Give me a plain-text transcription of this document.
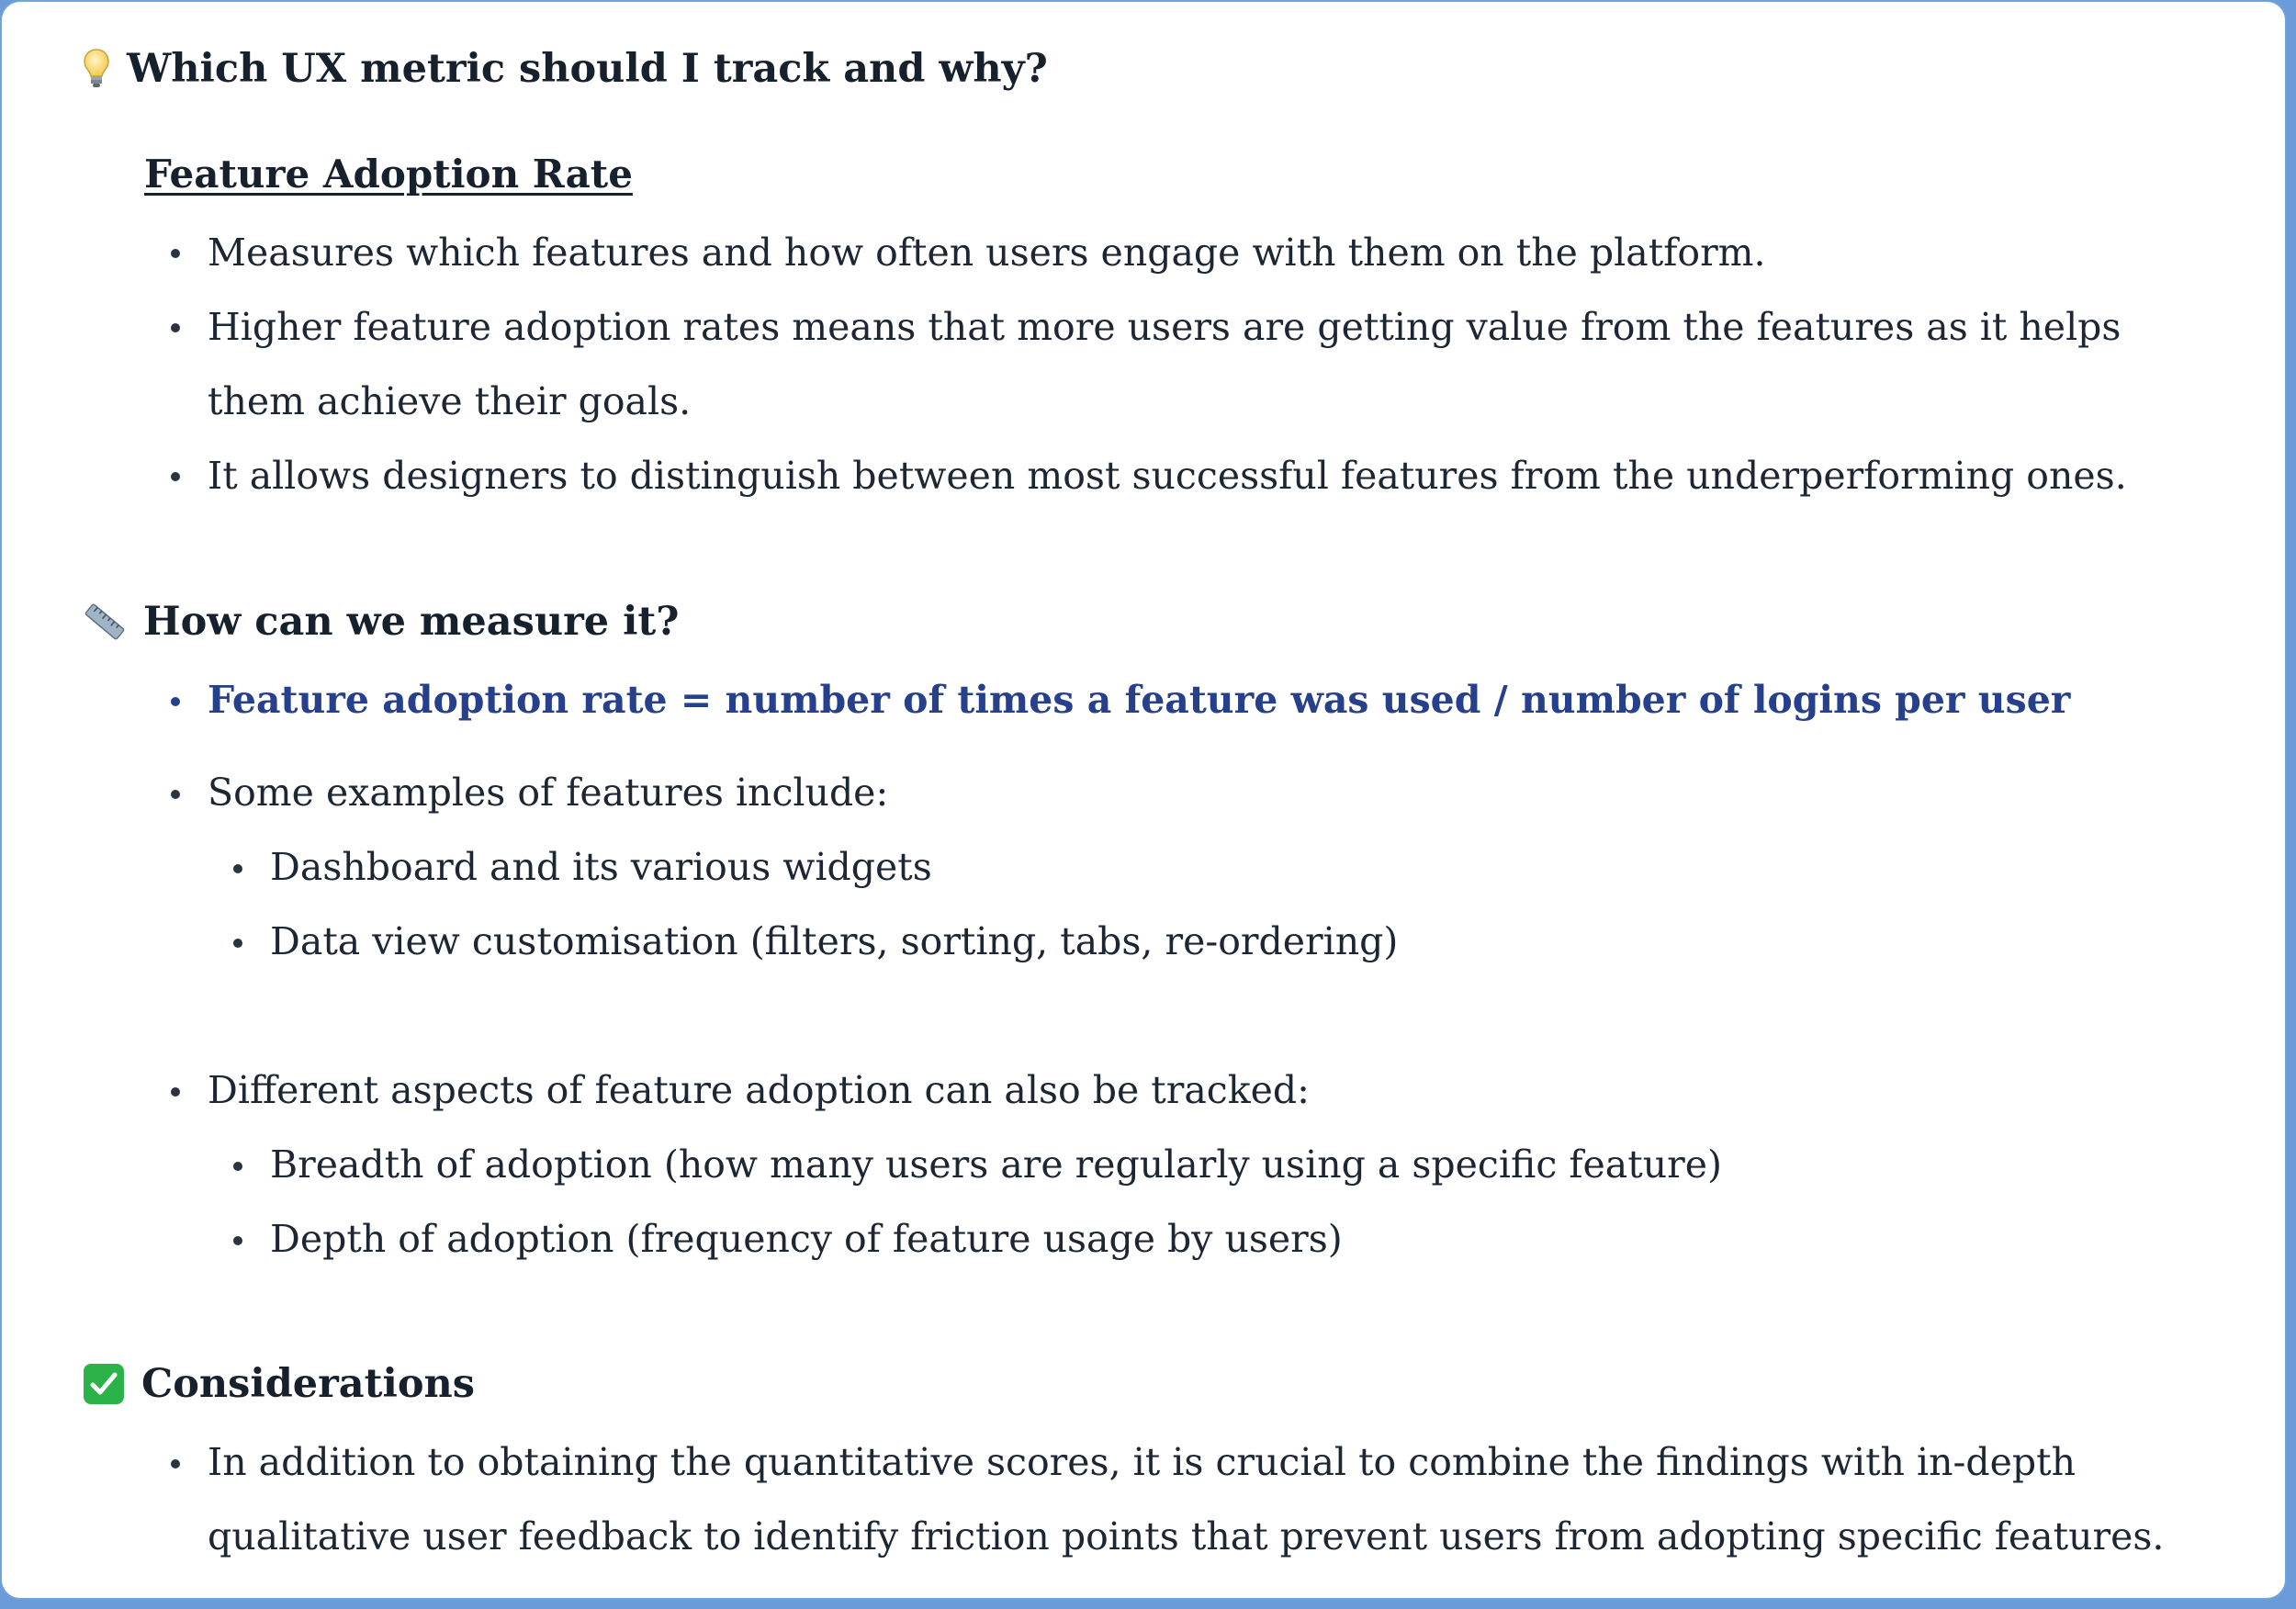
Which UX metric should I track and why?
Feature Adoption Rate
Measures which features and how often users engage with them on the platform.
Higher feature adoption rates means that more users are getting value from the features as it helps
them achieve their goals.
It allows designers to distinguish between most successful features from the underperforming ones.
How can we measure it?
Feature adoption rate = number of times a feature was used / number of logins per user
Some examples of features include:
Dashboard and its various widgets
Data view customisation (filters, sorting, tabs, re-ordering)
Different aspects of feature adoption can also be tracked:
Breadth of adoption (how many users are regularly using a specific feature)
Depth of adoption (frequency of feature usage by users)
Considerations
In addition to obtaining the quantitative scores, it is crucial to combine the findings with in-depth
qualitative user feedback to identify friction points that prevent users from adopting specific features.
